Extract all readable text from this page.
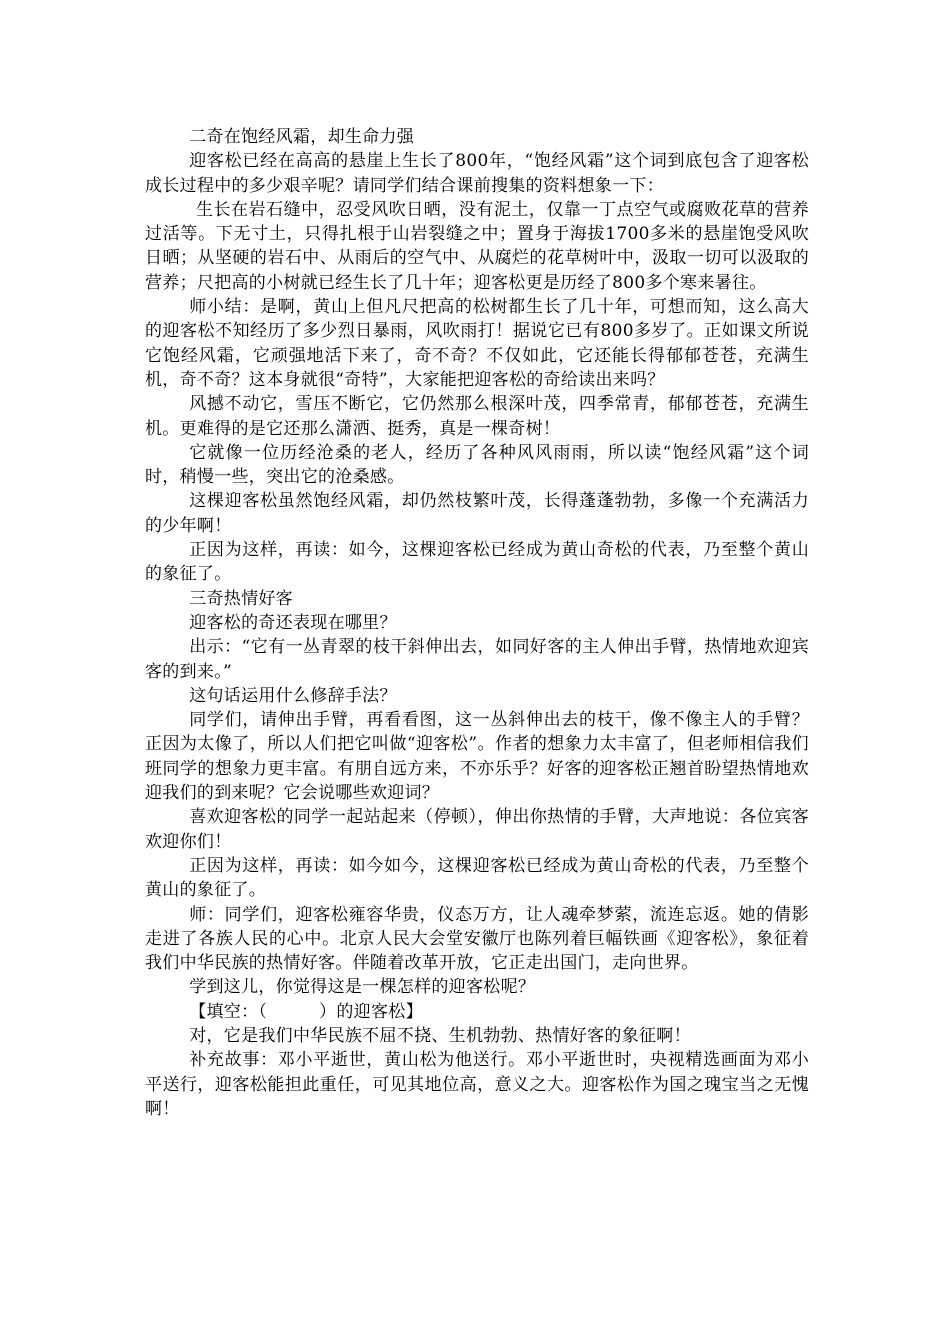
二奇在饱经风霜，却生命力强

迎客松已经在高高的悬崖上生长了800年，“饱经风霜”这个词到底包含了迎客松成长过程中的多少艰辛呢？请同学们结合课前搜集的资料想象一下：

生长在岩石缝中，忍受风吹日晒，没有泥土，仅靠一丁点空气或腐败花草的营养过活等。下无寸土，只得扎根于山岩裂缝之中；置身于海拔1700多米的悬崖饱受风吹日晒；从坚硬的岩石中、从雨后的空气中、从腐烂的花草树叶中，汲取一切可以汲取的营养；尺把高的小树就已经生长了几十年；迎客松更是历经了800多个寒来暑往。

师小结：是啊，黄山上但凡尺把高的松树都生长了几十年，可想而知，这么高大的迎客松不知经历了多少烈日暴雨，风吹雨打！据说它已有800多岁了。正如课文所说它饱经风霜，它顽强地活下来了，奇不奇？不仅如此，它还能长得郁郁苍苍，充满生机，奇不奇？这本身就很“奇特”，大家能把迎客松的奇给读出来吗？

风撼不动它，雪压不断它，它仍然那么根深叶茂，四季常青，郁郁苍苍，充满生机。更难得的是它还那么潇洒、挺秀，真是一棵奇树！

它就像一位历经沧桑的老人，经历了各种风风雨雨，所以读“饱经风霜”这个词时，稍慢一些，突出它的沧桑感。

这棵迎客松虽然饱经风霜，却仍然枝繁叶茂，长得蓬蓬勃勃，多像一个充满活力的少年啊！

正因为这样，再读：如今，这棵迎客松已经成为黄山奇松的代表，乃至整个黄山的象征了。

三奇热情好客

迎客松的奇还表现在哪里？

出示：“它有一丛青翠的枝干斜伸出去，如同好客的主人伸出手臂，热情地欢迎宾客的到来。”

这句话运用什么修辞手法？

同学们，请伸出手臂，再看看图，这一丛斜伸出去的枝干，像不像主人的手臂？正因为太像了，所以人们把它叫做“迎客松”。作者的想象力太丰富了，但老师相信我们班同学的想象力更丰富。有朋自远方来，不亦乐乎？好客的迎客松正翘首盼望热情地欢迎我们的到来呢？它会说哪些欢迎词？

喜欢迎客松的同学一起站起来（停顿），伸出你热情的手臂，大声地说：各位宾客欢迎你们！

正因为这样，再读：如今如今，这棵迎客松已经成为黄山奇松的代表，乃至整个黄山的象征了。

师：同学们，迎客松雍容华贵，仪态万方，让人魂牵梦萦，流连忘返。她的倩影走进了各族人民的心中。北京人民大会堂安徽厅也陈列着巨幅铁画《迎客松》，象征着我们中华民族的热情好客。伴随着改革开放，它正走出国门，走向世界。

学到这儿，你觉得这是一棵怎样的迎客松呢？

【填空：（　　　）的迎客松】

对，它是我们中华民族不屈不挠、生机勃勃、热情好客的象征啊！

补充故事：邓小平逝世，黄山松为他送行。邓小平逝世时，央视精选画面为邓小平送行，迎客松能担此重任，可见其地位高，意义之大。迎客松作为国之瑰宝当之无愧啊！
